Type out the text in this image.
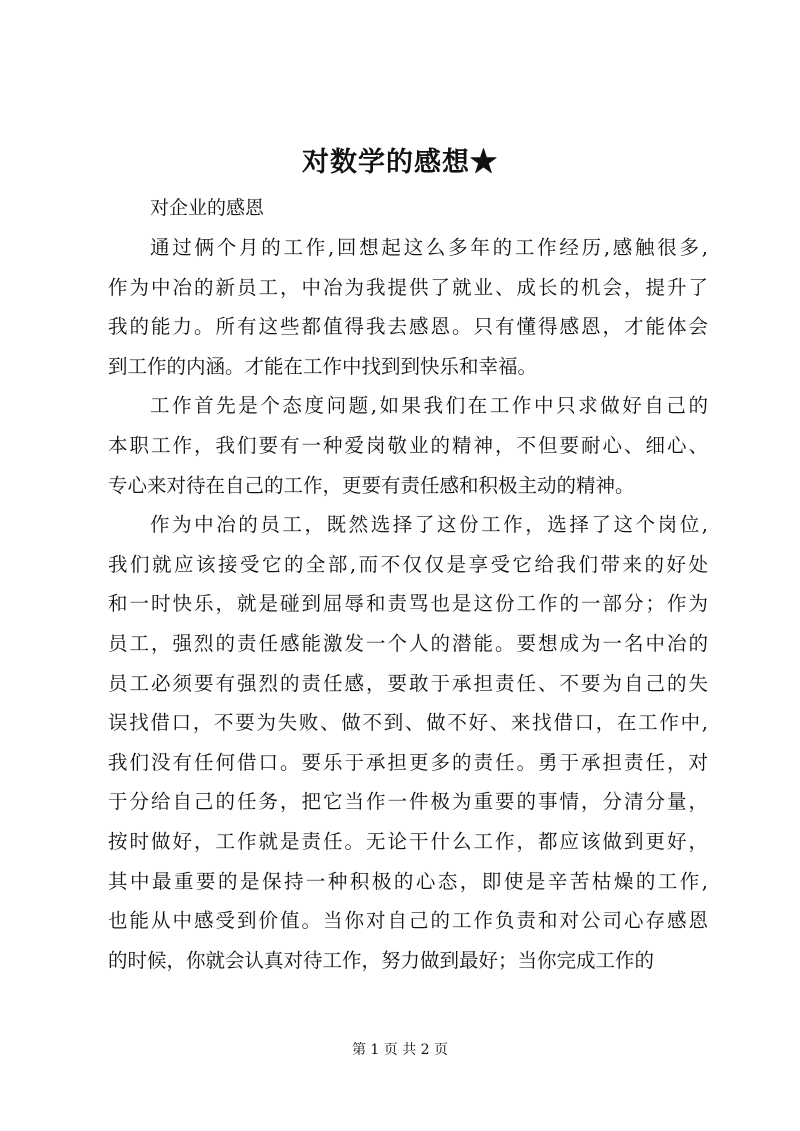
对数学的感想★
对企业的感恩
通过俩个月的工作,回想起这么多年的工作经历,感触很多,
作为中冶的新员工，中冶为我提供了就业、成长的机会，提升了
我的能力。所有这些都值得我去感恩。只有懂得感恩，才能体会
到工作的内涵。才能在工作中找到到快乐和幸福。
工作首先是个态度问题,如果我们在工作中只求做好自己的
本职工作，我们要有一种爱岗敬业的精神，不但要耐心、细心、
专心来对待在自己的工作，更要有责任感和积极主动的精神。
作为中冶的员工，既然选择了这份工作，选择了这个岗位,
我们就应该接受它的全部,而不仅仅是享受它给我们带来的好处
和一时快乐，就是碰到屈辱和责骂也是这份工作的一部分；作为
员工，强烈的责任感能激发一个人的潜能。要想成为一名中冶的
员工必须要有强烈的责任感，要敢于承担责任、不要为自己的失
误找借口，不要为失败、做不到、做不好、来找借口，在工作中,
我们没有任何借口。要乐于承担更多的责任。勇于承担责任，对
于分给自己的任务，把它当作一件极为重要的事情，分清分量，
按时做好，工作就是责任。无论干什么工作，都应该做到更好，
其中最重要的是保持一种积极的心态，即使是辛苦枯燥的工作,
也能从中感受到价值。当你对自己的工作负责和对公司心存感恩
的时候，你就会认真对待工作，努力做到最好；当你完成工作的
第 1 页 共 2 页
